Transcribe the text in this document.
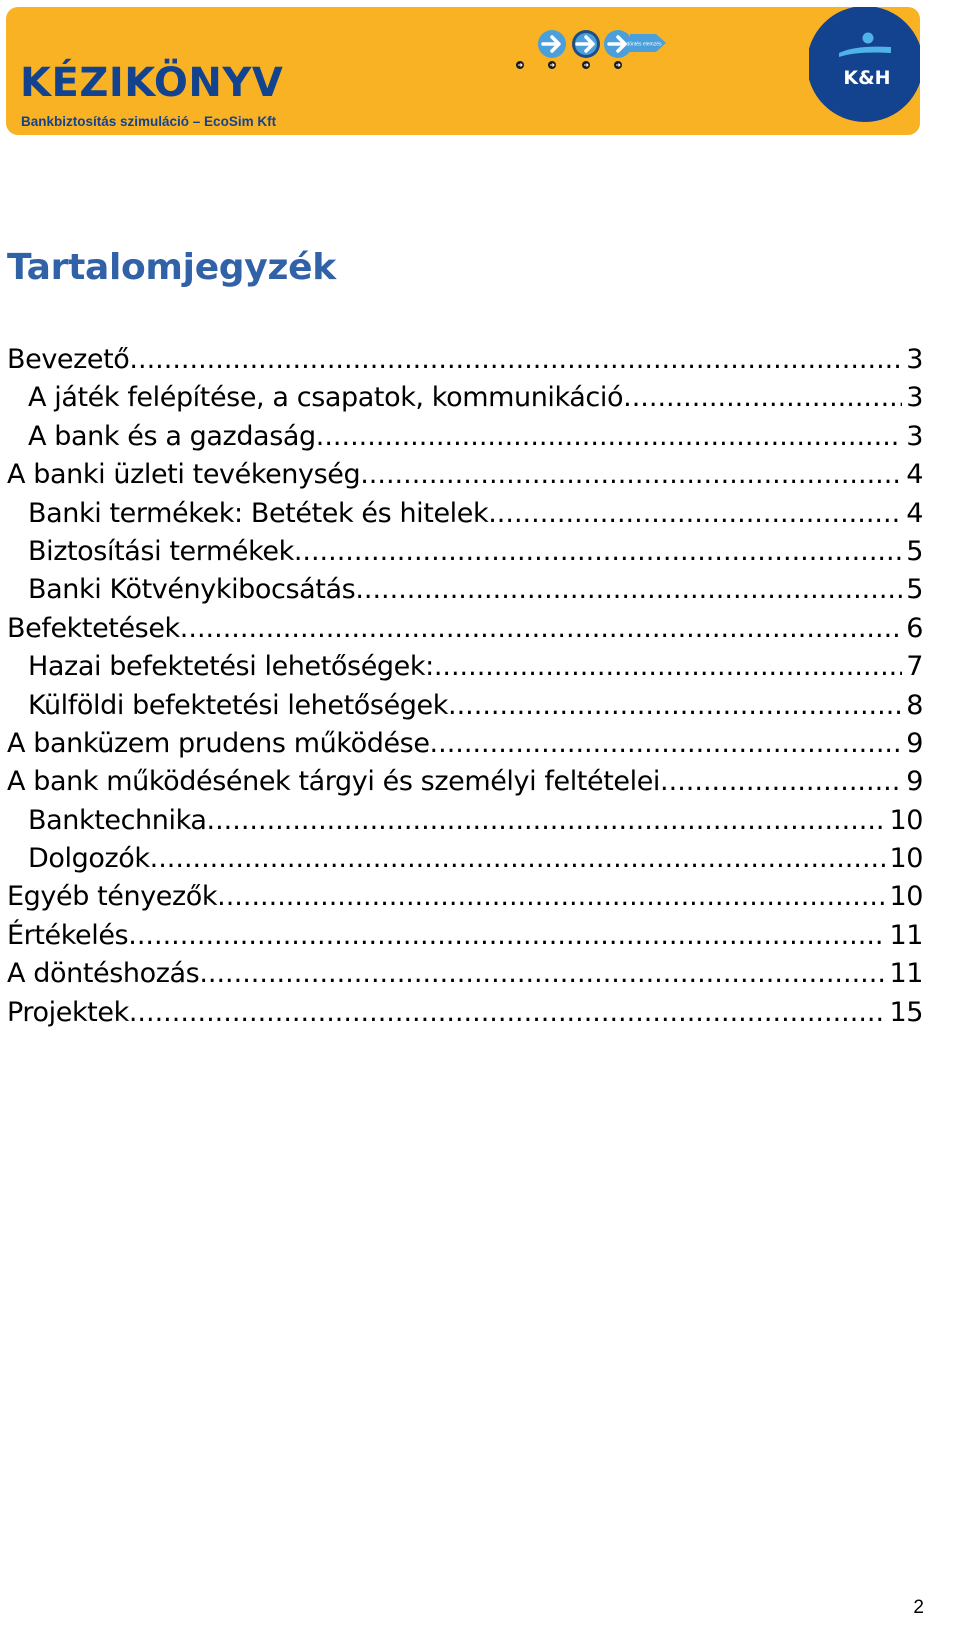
KÉZIKÖNYV
Bankbiztosítás szimuláció – EcoSim Kft
döntés elemzés
K&H
Tartalomjegyzék
Bevezető .....	3
A játék felépítése, a csapatok, kommunikáció .....	3
A bank és a gazdaság .....	3
A banki üzleti tevékenység .....	4
Banki termékek: Betétek és hitelek .....	4
Biztosítási termékek .....	5
Banki Kötvénykibocsátás .....	5
Befektetések .....	6
Hazai befektetési lehetőségek: .....	7
Külföldi befektetési lehetőségek .....	8
A banküzem prudens működése .....	9
A bank működésének tárgyi és személyi feltételei .....	9
Banktechnika .....	10
Dolgozók .....	10
Egyéb tényezők .....	10
Értékelés .....	11
A döntéshozás .....	11
Projektek .....	15
2
